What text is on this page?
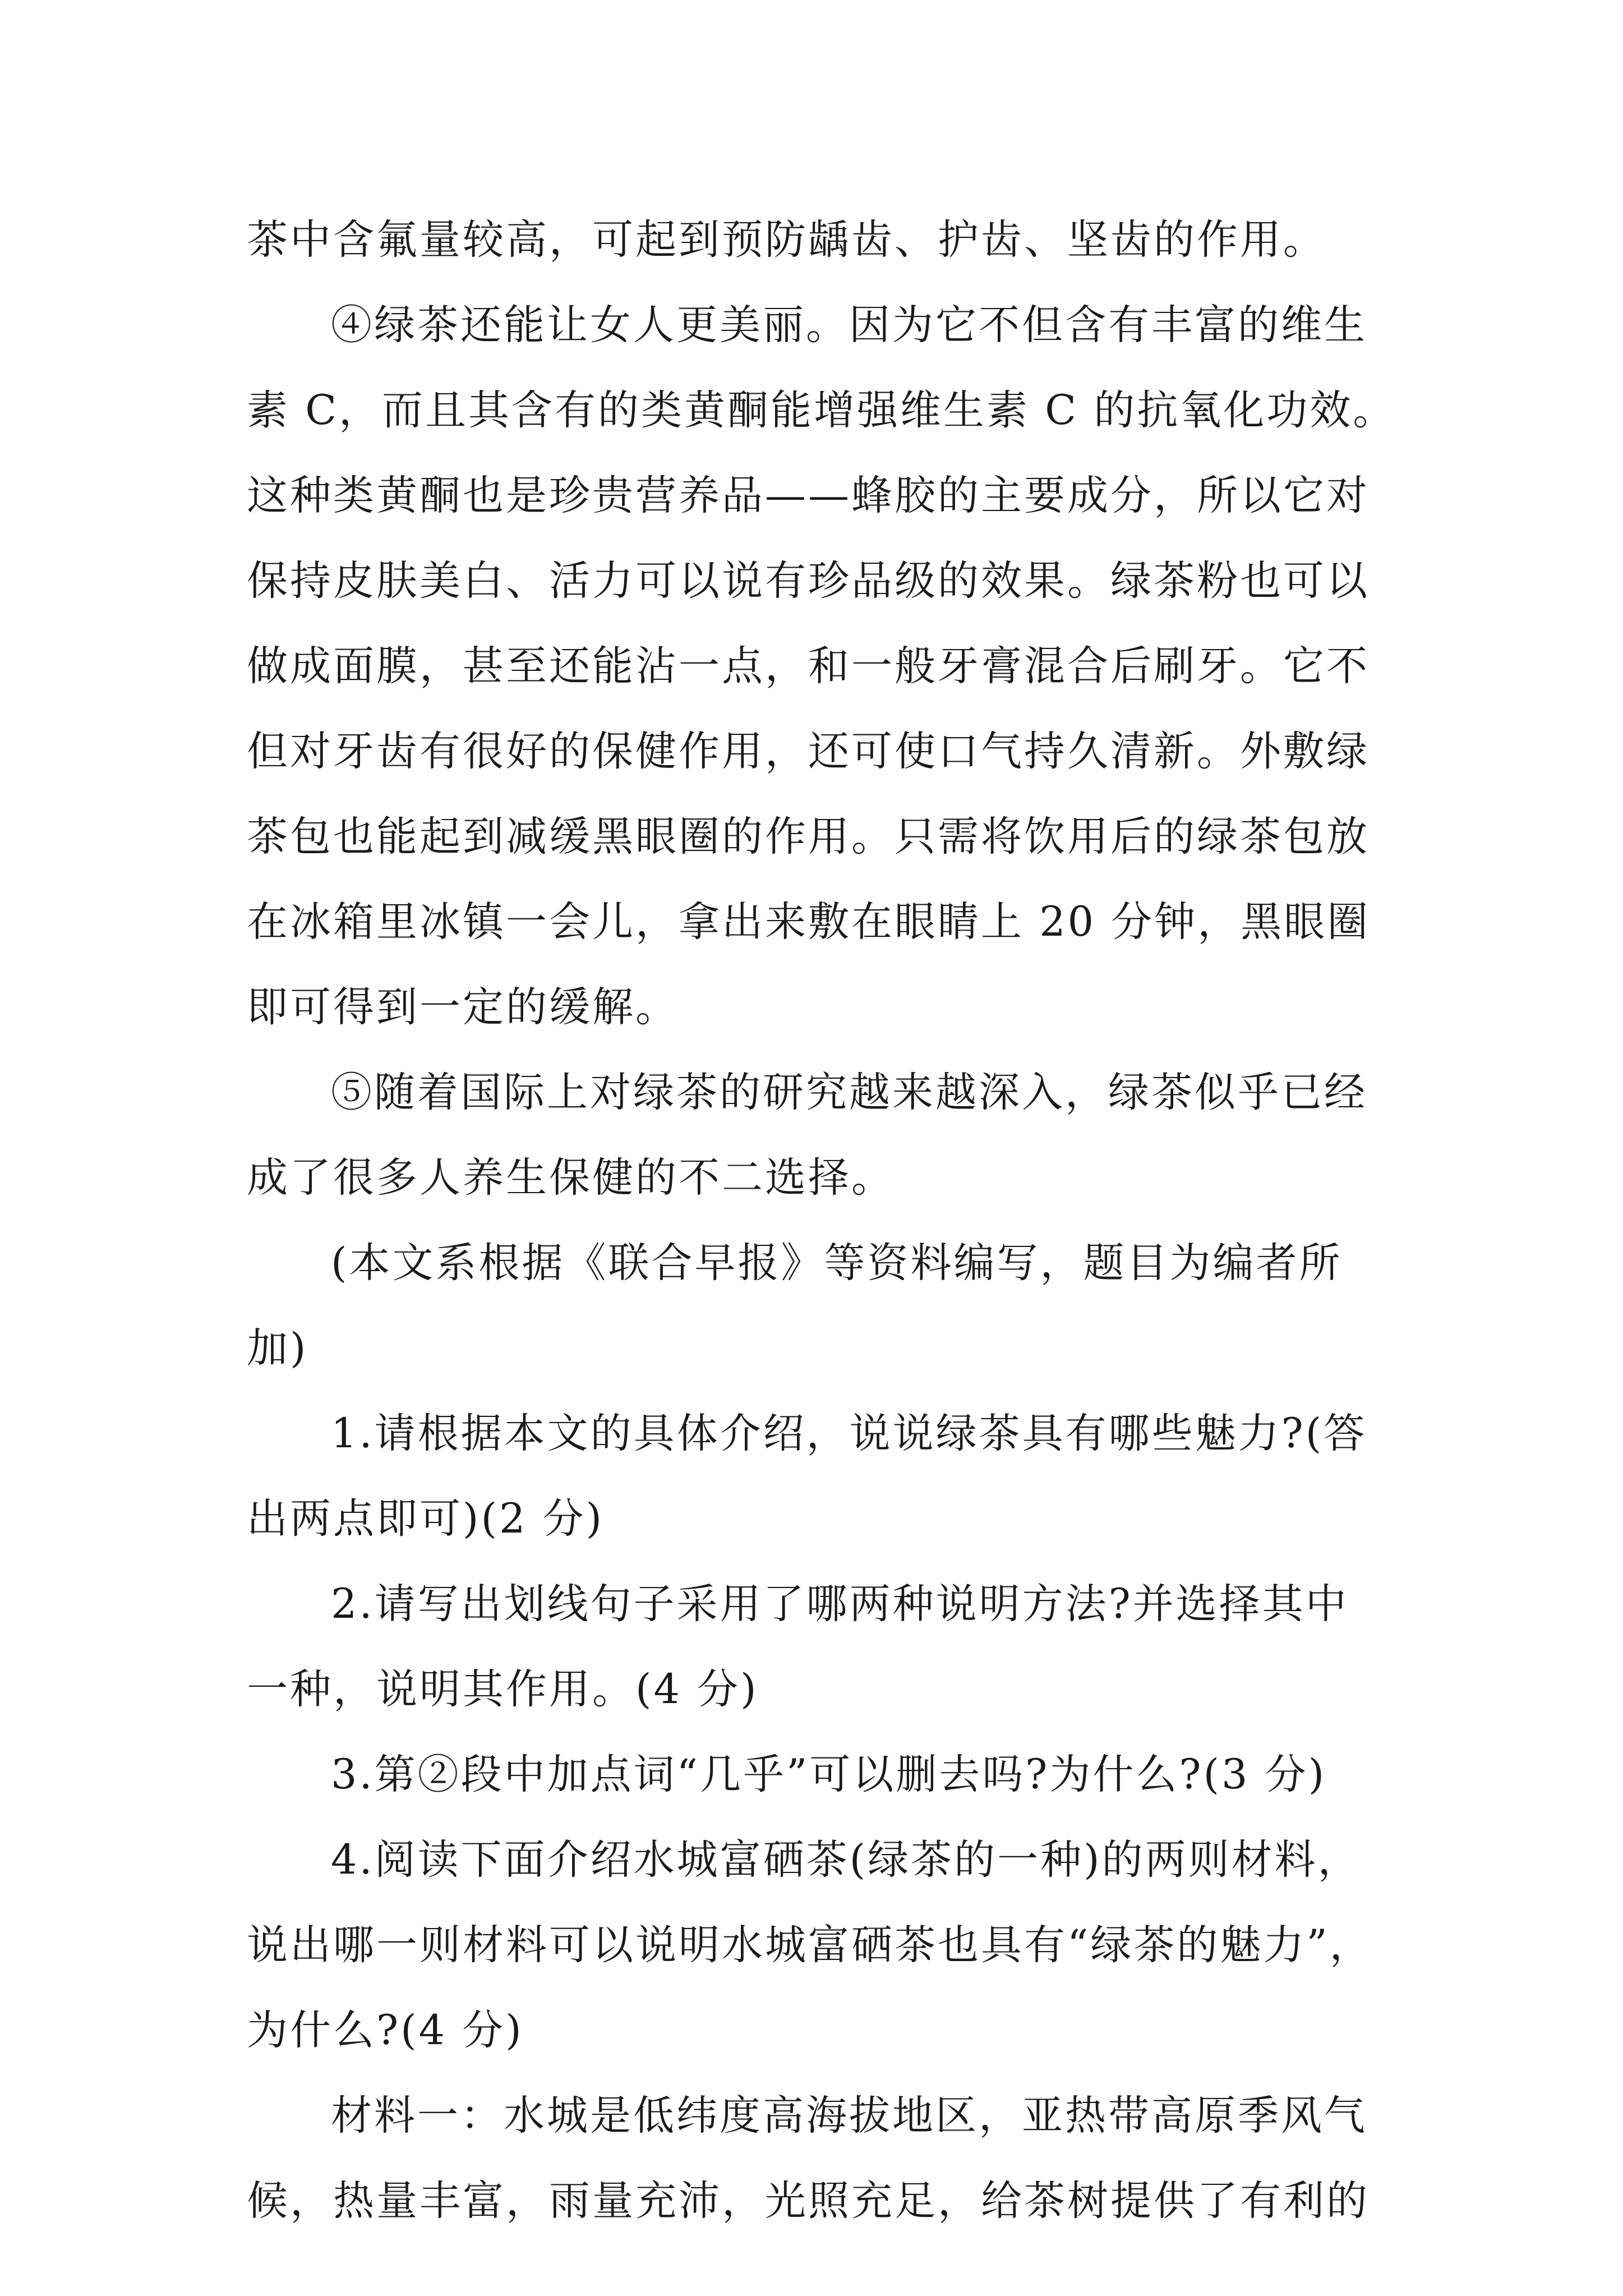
茶中含氟量较高，可起到预防龋齿、护齿、坚齿的作用。
④绿茶还能让女人更美丽。因为它不但含有丰富的维生
素 C，而且其含有的类黄酮能增强维生素 C 的抗氧化功效。
这种类黄酮也是珍贵营养品——蜂胶的主要成分，所以它对
保持皮肤美白、活力可以说有珍品级的效果。绿茶粉也可以
做成面膜，甚至还能沾一点，和一般牙膏混合后刷牙。它不
但对牙齿有很好的保健作用，还可使口气持久清新。外敷绿
茶包也能起到减缓黑眼圈的作用。只需将饮用后的绿茶包放
在冰箱里冰镇一会儿，拿出来敷在眼睛上 20 分钟，黑眼圈
即可得到一定的缓解。
⑤随着国际上对绿茶的研究越来越深入，绿茶似乎已经
成了很多人养生保健的不二选择。
(本文系根据《联合早报》等资料编写，题目为编者所
加)
1.请根据本文的具体介绍，说说绿茶具有哪些魅力?(答
出两点即可)(2 分)
2.请写出划线句子采用了哪两种说明方法?并选择其中
一种，说明其作用。(4 分)
3.第②段中加点词“几乎”可以删去吗?为什么?(3 分)
4.阅读下面介绍水城富硒茶(绿茶的一种)的两则材料，
说出哪一则材料可以说明水城富硒茶也具有“绿茶的魅力”，
为什么?(4 分)
材料一：水城是低纬度高海拔地区，亚热带高原季风气
候，热量丰富，雨量充沛，光照充足，给茶树提供了有利的
